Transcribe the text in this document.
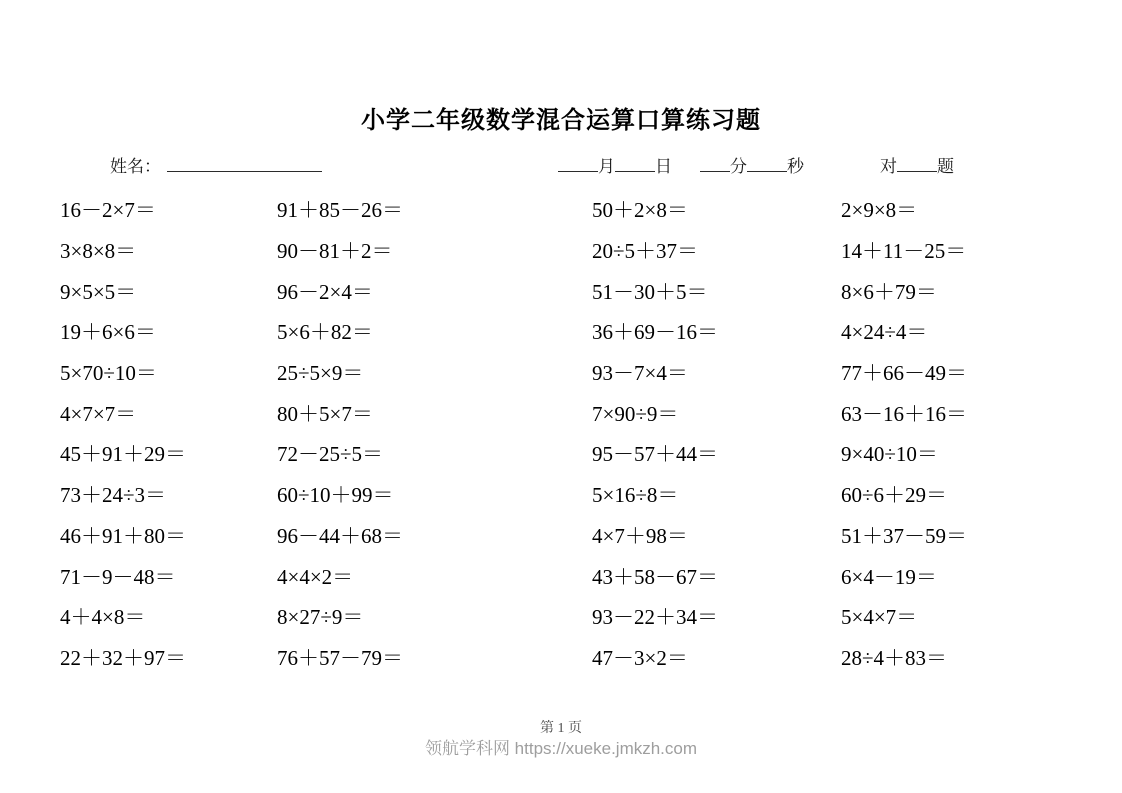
小学二年级数学混合运算口算练习题
姓名：	月 日	分 秒	对 题
16－2×7＝	91＋85－26＝	50＋2×8＝	2×9×8＝
3×8×8＝	90－81＋2＝	20÷5＋37＝	14＋11－25＝
9×5×5＝	96－2×4＝	51－30＋5＝	8×6＋79＝
19＋6×6＝	5×6＋82＝	36＋69－16＝	4×24÷4＝
5×70÷10＝	25÷5×9＝	93－7×4＝	77＋66－49＝
4×7×7＝	80＋5×7＝	7×90÷9＝	63－16＋16＝
45＋91＋29＝	72－25÷5＝	95－57＋44＝	9×40÷10＝
73＋24÷3＝	60÷10＋99＝	5×16÷8＝	60÷6＋29＝
46＋91＋80＝	96－44＋68＝	4×7＋98＝	51＋37－59＝
71－9－48＝	4×4×2＝	43＋58－67＝	6×4－19＝
4＋4×8＝	8×27÷9＝	93－22＋34＝	5×4×7＝
22＋32＋97＝	76＋57－79＝	47－3×2＝	28÷4＋83＝
第 1 页
领航学科网 https://xueke.jmkzh.com
